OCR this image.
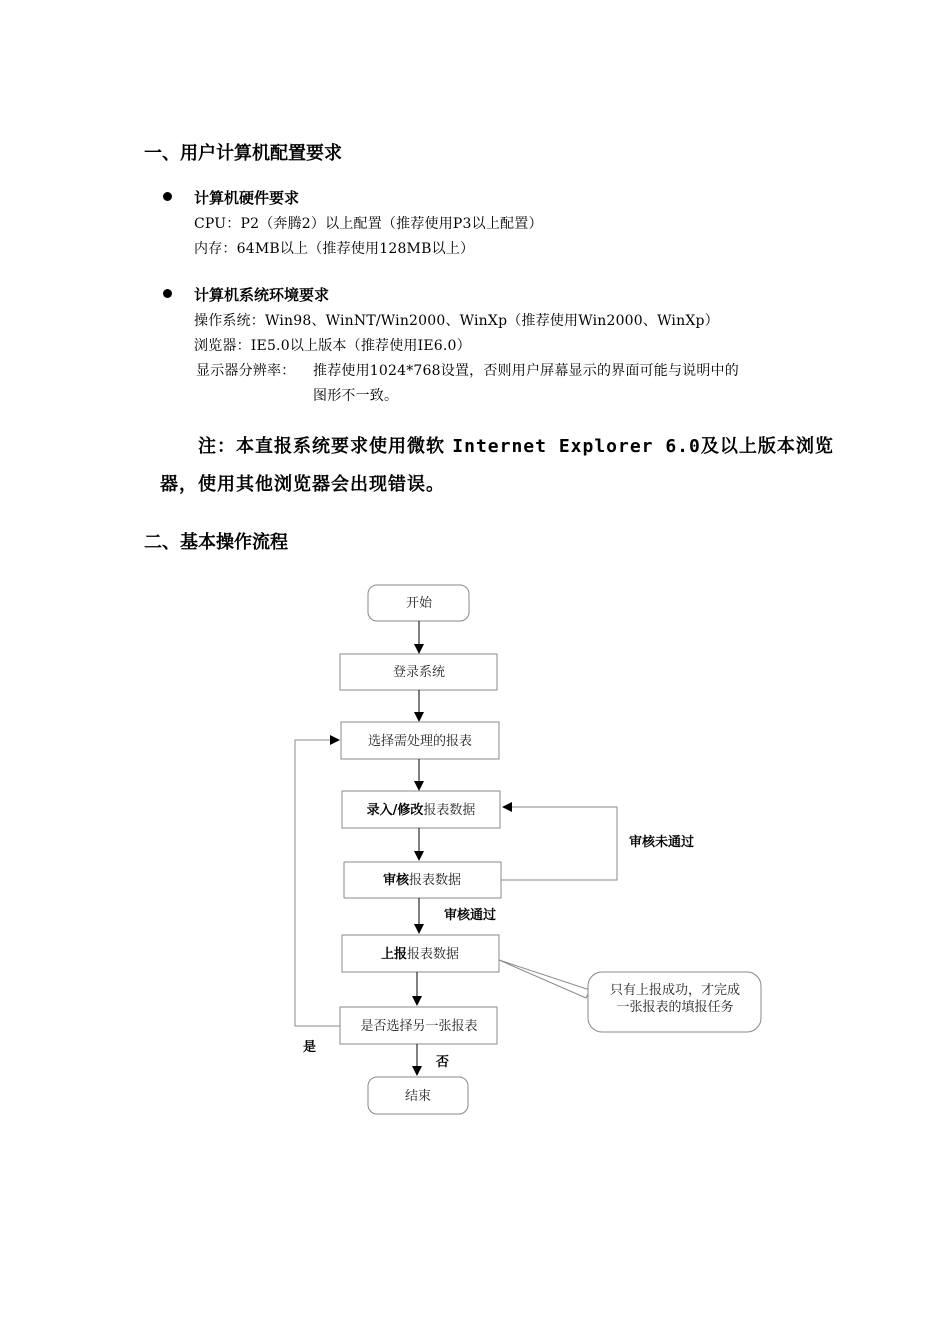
一、用户计算机配置要求
计算机硬件要求
CPU：P2（奔腾2）以上配置（推荐使用P3以上配置）
内存：64MB以上（推荐使用128MB以上）
计算机系统环境要求
操作系统：Win98、WinNT/Win2000、WinXp（推荐使用Win2000、WinXp）
浏览器：IE5.0以上版本（推荐使用IE6.0）
显示器分辨率： 推荐使用1024*768设置，否则用户屏幕显示的界面可能与说明中的
图形不一致。
注：本直报系统要求使用微软 Internet Explorer 6.0及以上版本浏览
器，使用其他浏览器会出现错误。
二、基本操作流程
开始
登录系统
选择需处理的报表
录入/修改报表数据
审核报表数据
审核未通过
审核通过
上报报表数据
只有上报成功，才完成
一张报表的填报任务
是否选择另一张报表
是
否
结束
